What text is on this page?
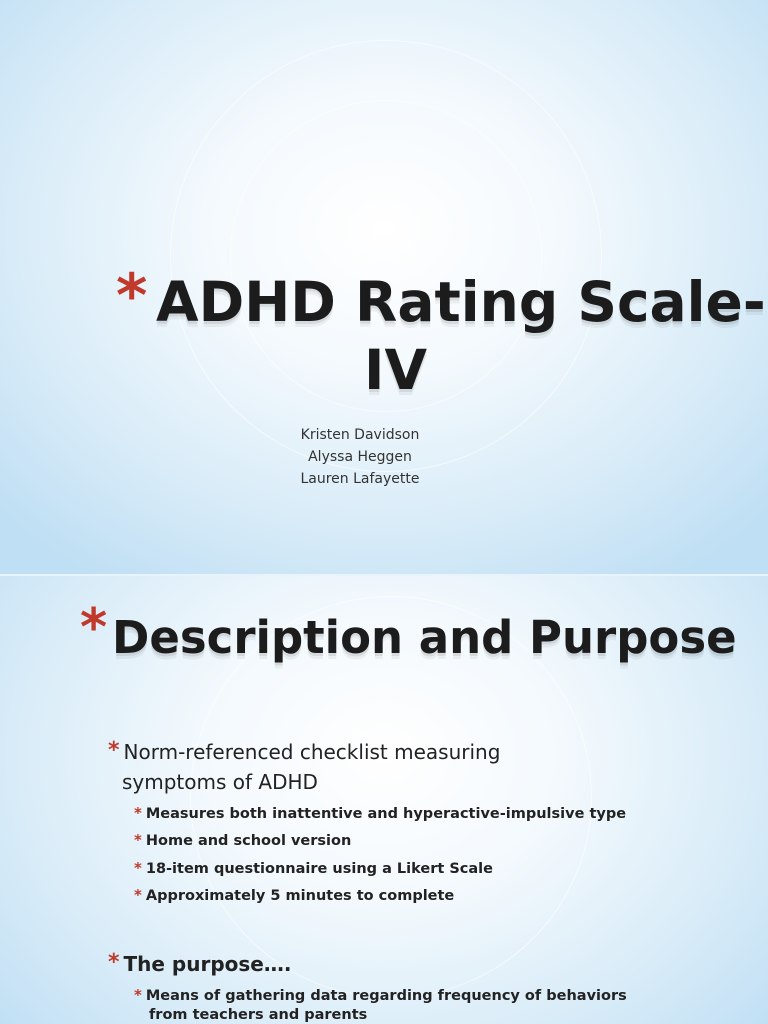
* ADHD Rating Scale-
IV
Kristen Davidson
Alyssa Heggen
Lauren Lafayette
* Description and Purpose
* Norm-referenced checklist measuring
symptoms of ADHD
* Measures both inattentive and hyperactive-impulsive type
* Home and school version
* 18-item questionnaire using a Likert Scale
* Approximately 5 minutes to complete
* The purpose….
* Means of gathering data regarding frequency of behaviors
from teachers and parents
